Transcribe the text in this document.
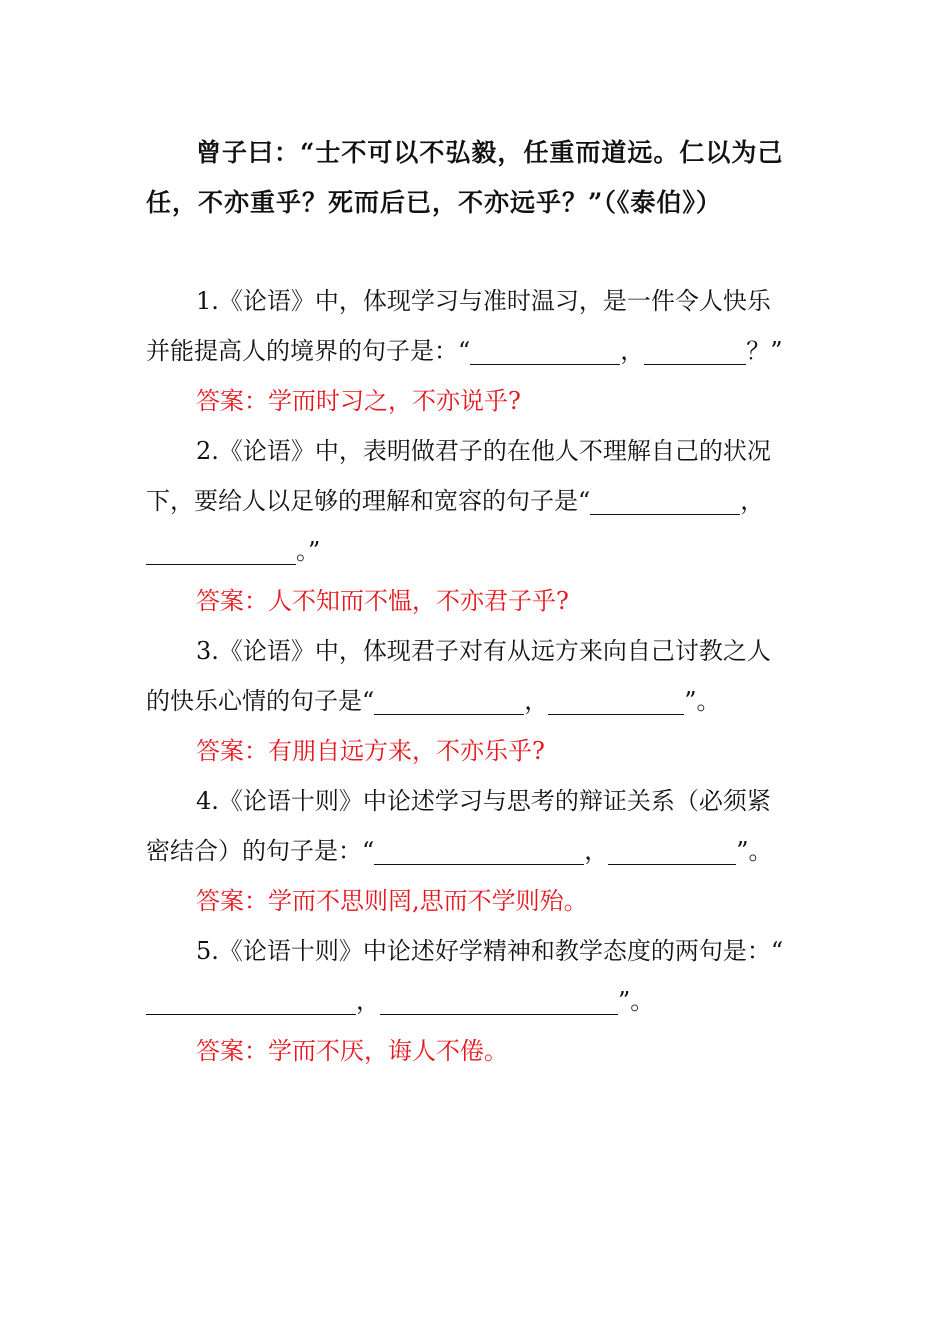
曾子曰：“士不可以不弘毅，任重而道远。仁以为己任，不亦重乎？死而后已，不亦远乎？”（《泰伯》）

1.《论语》中，体现学习与准时温习，是一件令人快乐并能提高人的境界的句子是：“	，	？”

答案：学而时习之，不亦说乎?

2.《论语》中，表明做君子的在他人不理解自己的状况下，要给人以足够的理解和宽容的句子是“	，。”

答案：人不知而不愠，不亦君子乎?

3.《论语》中，体现君子对有从远方来向自己讨教之人的快乐心情的句子是“	，	”。

答案：有朋自远方来，不亦乐乎?

4.《论语十则》中论述学习与思考的辩证关系（必须紧密结合）的句子是：“	，	”。

答案：学而不思则罔,思而不学则殆。

5.《论语十则》中论述好学精神和教学态度的两句是：“，	”。

答案：学而不厌，诲人不倦。
